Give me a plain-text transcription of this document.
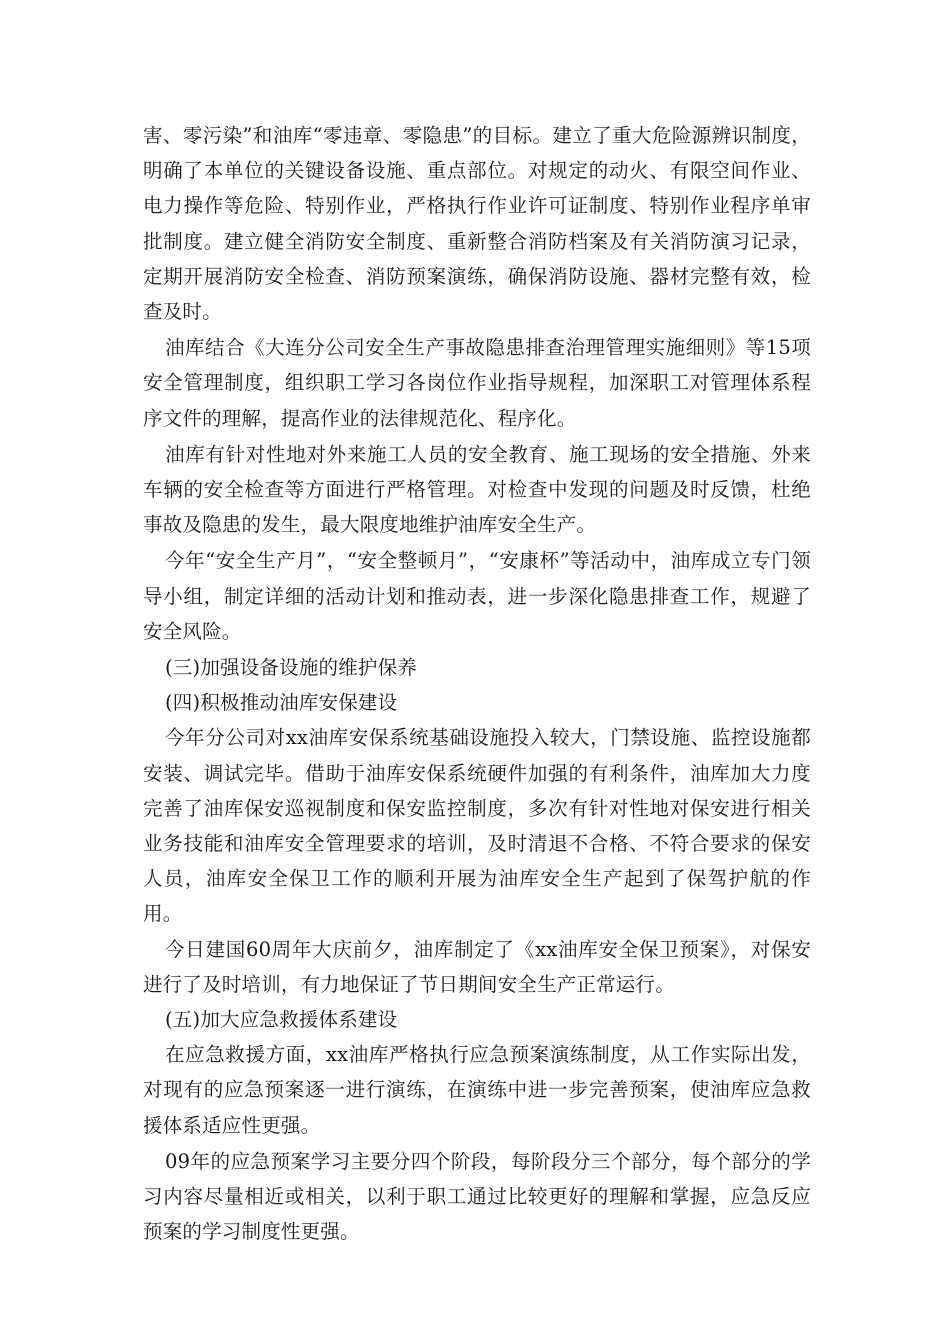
害、零污染”和油库“零违章、零隐患”的目标。建立了重大危险源辨识制度，明确了本单位的关键设备设施、重点部位。对规定的动火、有限空间作业、电力操作等危险、特别作业，严格执行作业许可证制度、特别作业程序单审批制度。建立健全消防安全制度、重新整合消防档案及有关消防演习记录，定期开展消防安全检查、消防预案演练，确保消防设施、器材完整有效，检查及时。

油库结合《大连分公司安全生产事故隐患排查治理管理实施细则》等15项安全管理制度，组织职工学习各岗位作业指导规程，加深职工对管理体系程序文件的理解，提高作业的法律规范化、程序化。

油库有针对性地对外来施工人员的安全教育、施工现场的安全措施、外来车辆的安全检查等方面进行严格管理。对检查中发现的问题及时反馈，杜绝事故及隐患的发生，最大限度地维护油库安全生产。

今年“安全生产月”，“安全整顿月”，“安康杯”等活动中，油库成立专门领导小组，制定详细的活动计划和推动表，进一步深化隐患排查工作，规避了安全风险。

(三)加强设备设施的维护保养

(四)积极推动油库安保建设

今年分公司对xx油库安保系统基础设施投入较大，门禁设施、监控设施都安装、调试完毕。借助于油库安保系统硬件加强的有利条件，油库加大力度完善了油库保安巡视制度和保安监控制度，多次有针对性地对保安进行相关业务技能和油库安全管理要求的培训，及时清退不合格、不符合要求的保安人员，油库安全保卫工作的顺利开展为油库安全生产起到了保驾护航的作用。

今日建国60周年大庆前夕，油库制定了《xx油库安全保卫预案》，对保安进行了及时培训，有力地保证了节日期间安全生产正常运行。

(五)加大应急救援体系建设

在应急救援方面，xx油库严格执行应急预案演练制度，从工作实际出发，对现有的应急预案逐一进行演练，在演练中进一步完善预案，使油库应急救援体系适应性更强。

09年的应急预案学习主要分四个阶段，每阶段分三个部分，每个部分的学习内容尽量相近或相关，以利于职工通过比较更好的理解和掌握，应急反应预案的学习制度性更强。
